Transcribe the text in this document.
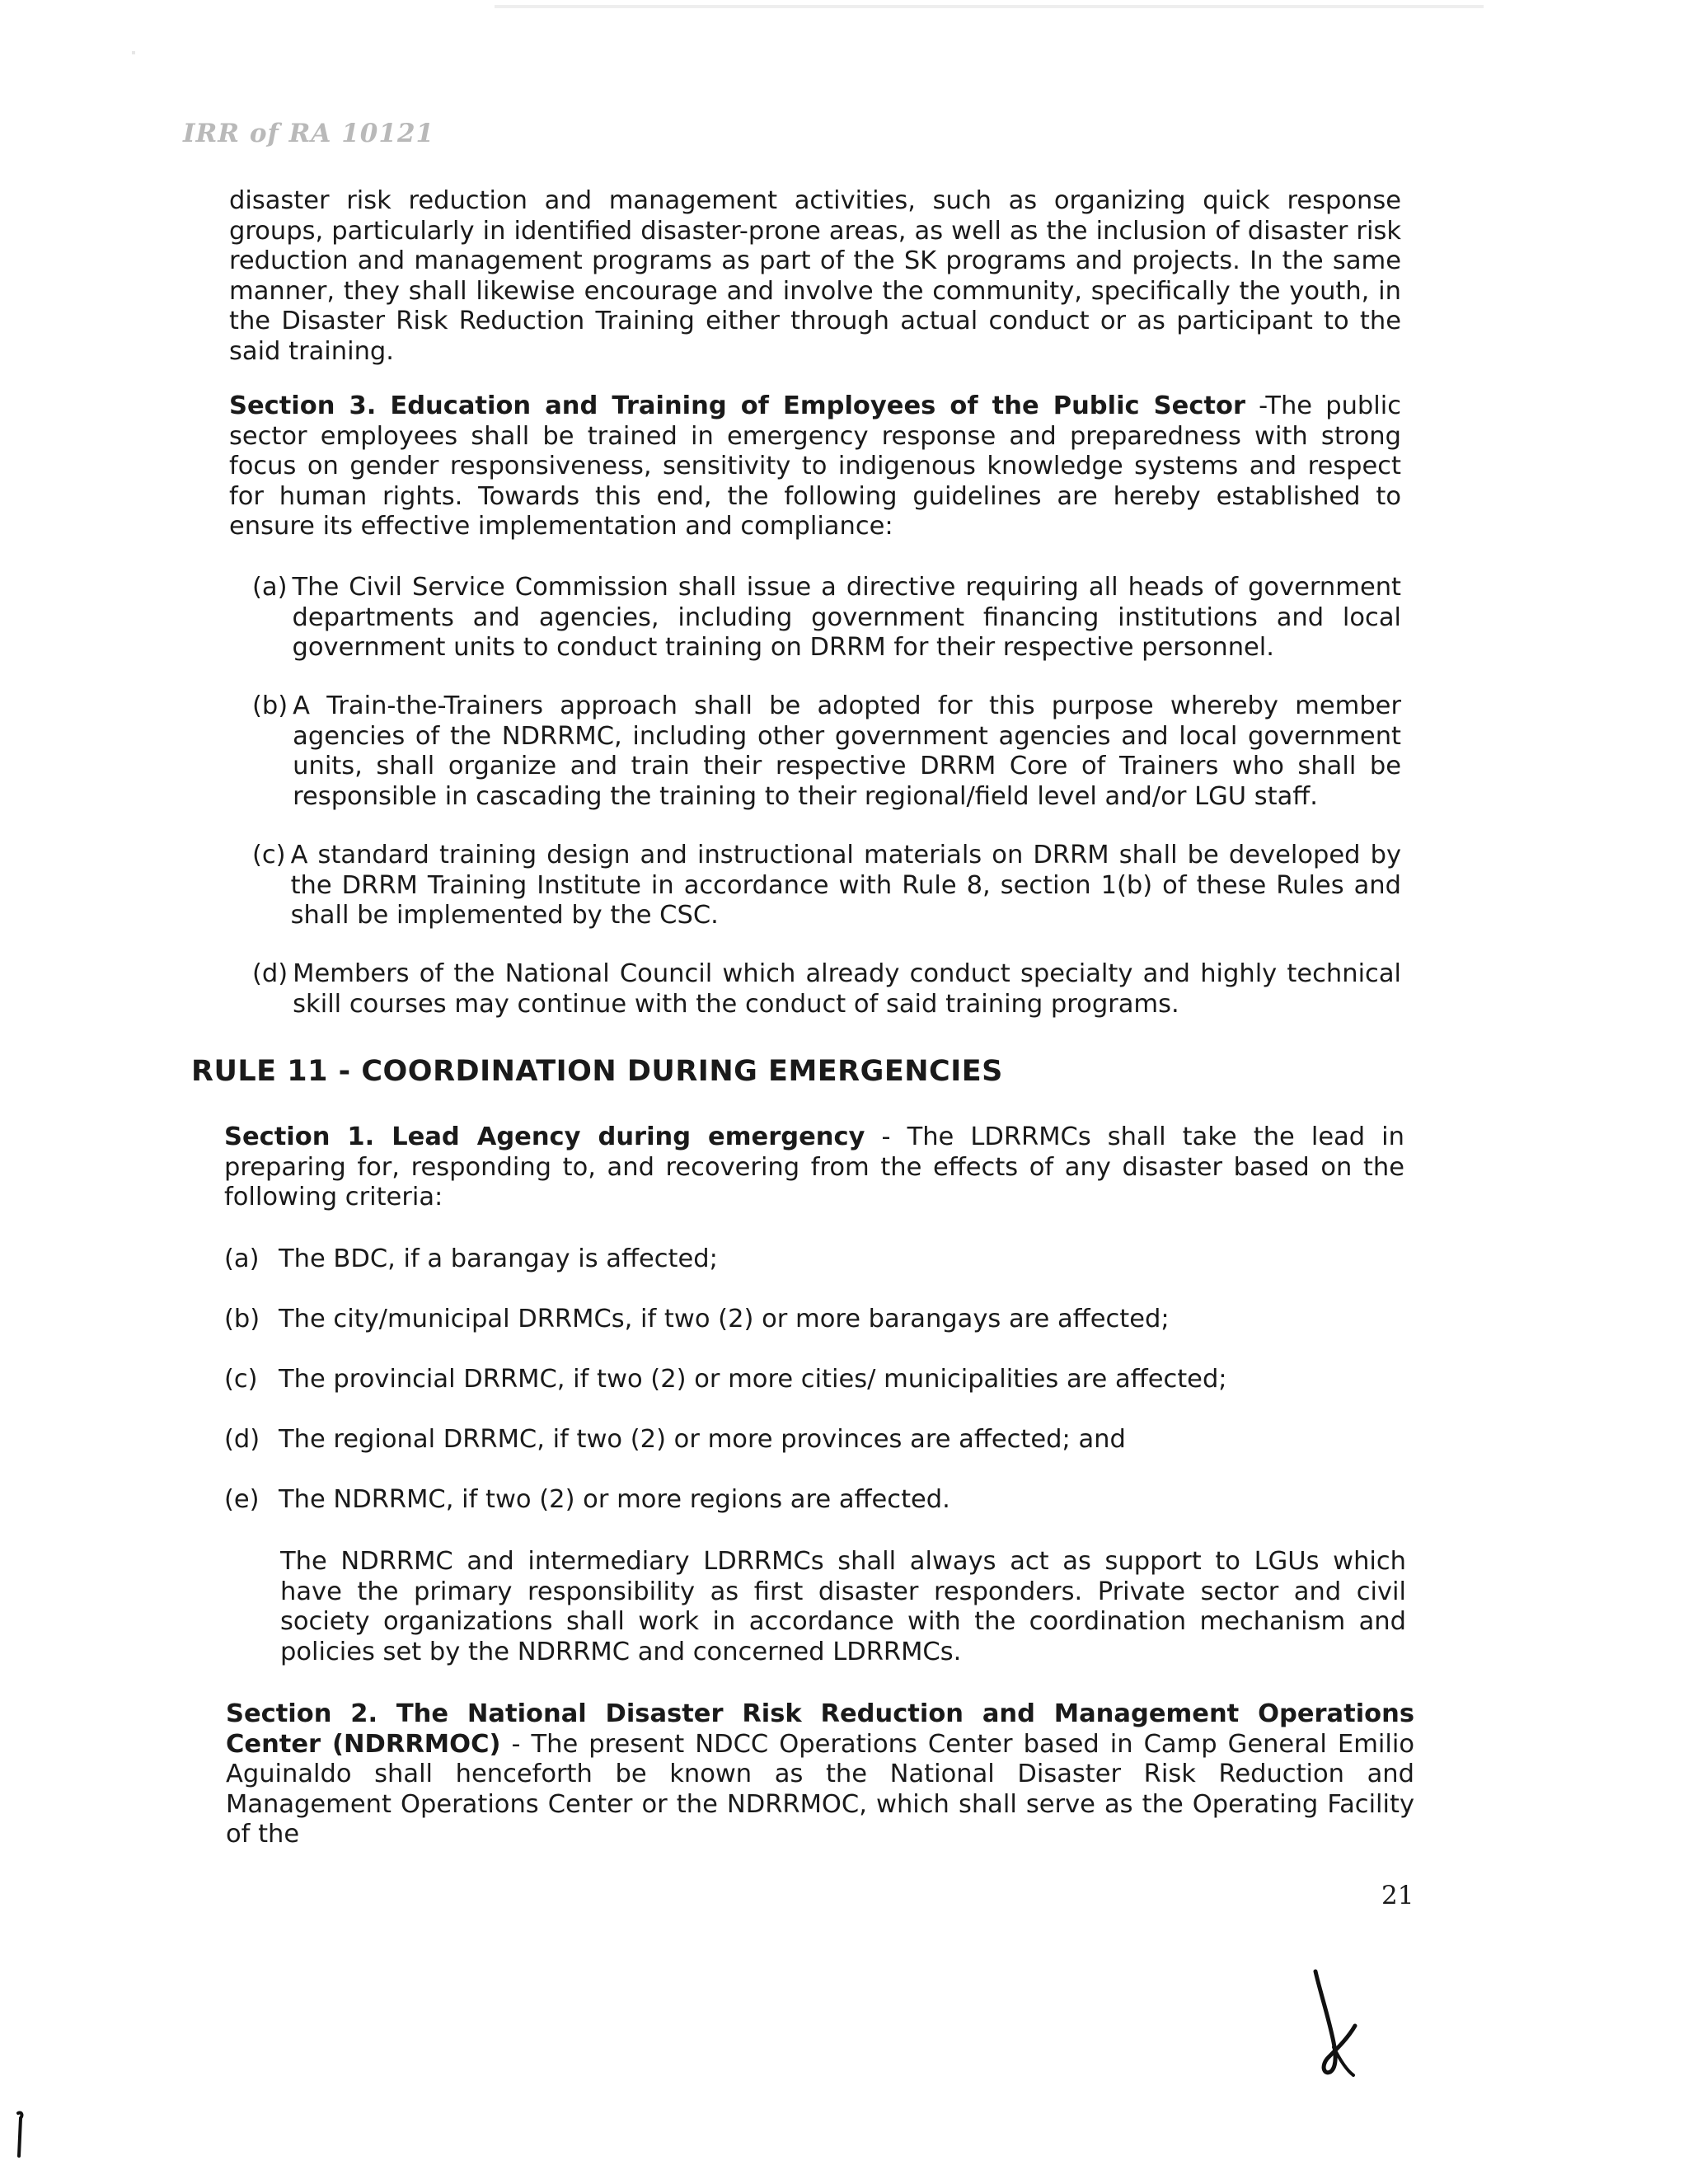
IRR of RA 10121

disaster risk reduction and management activities, such as organizing quick response groups, particularly in identified disaster-prone areas, as well as the inclusion of disaster risk reduction and management programs as part of the SK programs and projects. In the same manner, they shall likewise encourage and involve the community, specifically the youth, in the Disaster Risk Reduction Training either through actual conduct or as participant to the said training.

Section 3. Education and Training of Employees of the Public Sector -The public sector employees shall be trained in emergency response and preparedness with strong focus on gender responsiveness, sensitivity to indigenous knowledge systems and respect for human rights. Towards this end, the following guidelines are hereby established to ensure its effective implementation and compliance:

(a) The Civil Service Commission shall issue a directive requiring all heads of government departments and agencies, including government financing institutions and local government units to conduct training on DRRM for their respective personnel.
(b) A Train-the-Trainers approach shall be adopted for this purpose whereby member agencies of the NDRRMC, including other government agencies and local government units, shall organize and train their respective DRRM Core of Trainers who shall be responsible in cascading the training to their regional/field level and/or LGU staff.
(c) A standard training design and instructional materials on DRRM shall be developed by the DRRM Training Institute in accordance with Rule 8, section 1(b) of these Rules and shall be implemented by the CSC.
(d) Members of the National Council which already conduct specialty and highly technical skill courses may continue with the conduct of said training programs.
RULE 11 - COORDINATION DURING EMERGENCIES

Section 1. Lead Agency during emergency - The LDRRMCs shall take the lead in preparing for, responding to, and recovering from the effects of any disaster based on the following criteria:

(a) The BDC, if a barangay is affected;
(b) The city/municipal DRRMCs, if two (2) or more barangays are affected;
(c) The provincial DRRMC, if two (2) or more cities/ municipalities are affected;
(d) The regional DRRMC, if two (2) or more provinces are affected; and
(e) The NDRRMC, if two (2) or more regions are affected.

The NDRRMC and intermediary LDRRMCs shall always act as support to LGUs which have the primary responsibility as first disaster responders. Private sector and civil society organizations shall work in accordance with the coordination mechanism and policies set by the NDRRMC and concerned LDRRMCs.

Section 2. The National Disaster Risk Reduction and Management Operations Center (NDRRMOC) - The present NDCC Operations Center based in Camp General Emilio Aguinaldo shall henceforth be known as the National Disaster Risk Reduction and Management Operations Center or the NDRRMOC, which shall serve as the Operating Facility of the

21
